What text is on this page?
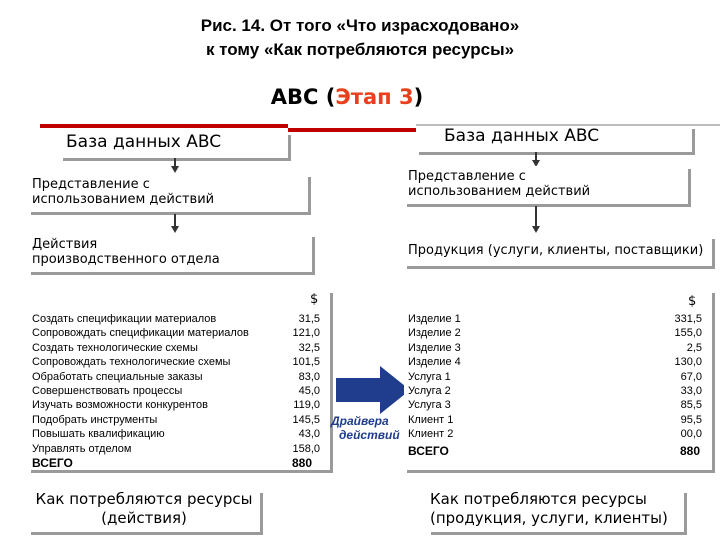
Рис. 14. От того «Что израсходовано»
к тому «Как потребляются ресурсы»
ABC (Этап 3)
База данных ABC
Представление с
использованием действий
Действия
производственного отдела
$
Создать спецификации материалов	31,5
Сопровождать спецификации материалов	121,0
Создать технологические схемы	32,5
Сопровождать технологические схемы	101,5
Обработать специальные заказы	83,0
Совершенствовать процессы	45,0
Изучать возможности конкурентов	119,0
Подобрать инструменты	145,5
Повышать квалификацию	43,0
Управлять отделом	158,0
ВСЕГО	880
Драйвера
действий
База данных ABC
Представление с
использованием действий
Продукция (услуги, клиенты, поставщики)
$
Изделие 1	331,5
Изделие 2	155,0
Изделие 3	2,5
Изделие 4	130,0
Услуга 1	67,0
Услуга 2	33,0
Услуга 3	85,5
Клиент 1	95,5
Клиент 2	00,0
ВСЕГО	880
Как потребляются ресурсы
(действия)
Как потребляются ресурсы
(продукция, услуги, клиенты)
